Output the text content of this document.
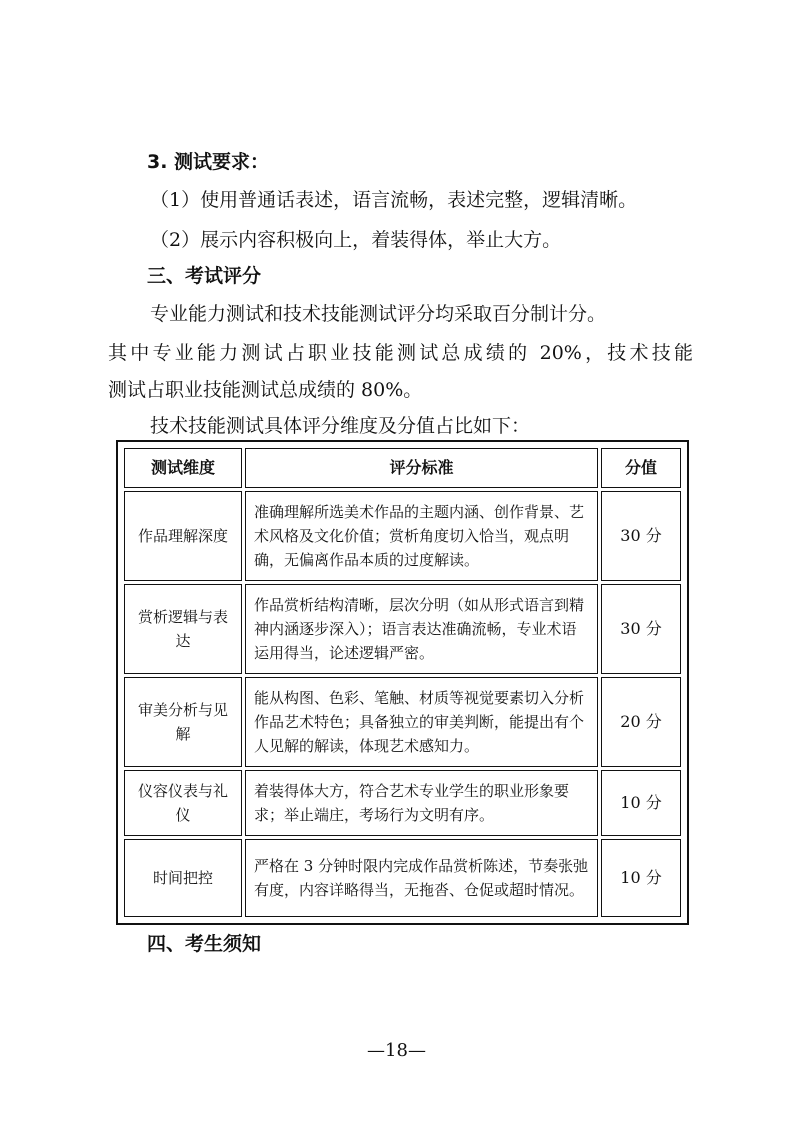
3. 测试要求：
（1）使用普通话表述，语言流畅，表述完整，逻辑清晰。
（2）展示内容积极向上，着装得体，举止大方。
三、考试评分
专业能力测试和技术技能测试评分均采取百分制计分。
其中专业能力测试占职业技能测试总成绩的 20%，技术技能
测试占职业技能测试总成绩的 80%。
技术技能测试具体评分维度及分值占比如下：
测试维度	评分标准	分值
作品理解深度	准确理解所选美术作品的主题内涵、创作背景、艺术风格及文化价值；赏析角度切入恰当，观点明确，无偏离作品本质的过度解读。	30 分
赏析逻辑与表达	作品赏析结构清晰，层次分明（如从形式语言到精神内涵逐步深入）；语言表达准确流畅，专业术语运用得当，论述逻辑严密。	30 分
审美分析与见解	能从构图、色彩、笔触、材质等视觉要素切入分析作品艺术特色；具备独立的审美判断，能提出有个人见解的解读，体现艺术感知力。	20 分
仪容仪表与礼仪	着装得体大方，符合艺术专业学生的职业形象要求；举止端庄，考场行为文明有序。	10 分
时间把控	严格在 3 分钟时限内完成作品赏析陈述，节奏张弛有度，内容详略得当，无拖沓、仓促或超时情况。	10 分
四、考生须知
—18—
